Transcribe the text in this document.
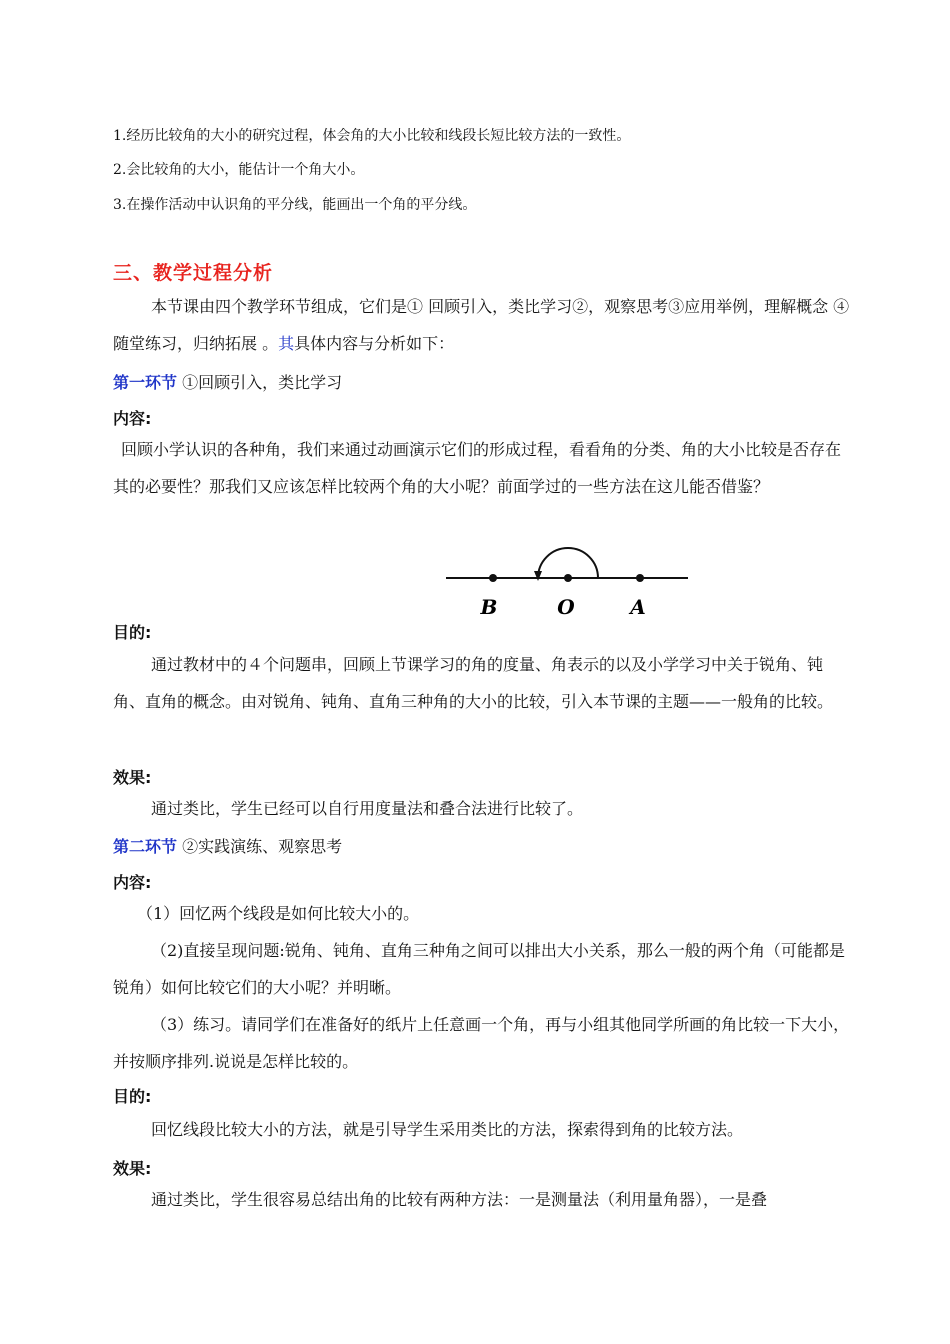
1.经历比较角的大小的研究过程，体会角的大小比较和线段长短比较方法的一致性。
2.会比较角的大小，能估计一个角大小。
3.在操作活动中认识角的平分线，能画出一个角的平分线。
三、教学过程分析
本节课由四个教学环节组成，它们是① 回顾引入，类比学习②，观察思考③应用举例，理解概念 ④随堂练习，归纳拓展 。其具体内容与分析如下：
第一环节 ①回顾引入，类比学习
内容:
回顾小学认识的各种角，我们来通过动画演示它们的形成过程，看看角的分类、角的大小比较是否存在其的必要性？那我们又应该怎样比较两个角的大小呢？前面学过的一些方法在这儿能否借鉴？
B	O	A
目的:
通过教材中的４个问题串，回顾上节课学习的角的度量、角表示的以及小学学习中关于锐角、钝角、直角的概念。由对锐角、钝角、直角三种角的大小的比较，引入本节课的主题——一般角的比较。
效果:
通过类比，学生已经可以自行用度量法和叠合法进行比较了。
第二环节 ②实践演练、观察思考
内容:
（1）回忆两个线段是如何比较大小的。
（2)直接呈现问题:锐角、钝角、直角三种角之间可以排出大小关系，那么一般的两个角（可能都是锐角）如何比较它们的大小呢？并明晰。
（3）练习。请同学们在准备好的纸片上任意画一个角，再与小组其他同学所画的角比较一下大小，并按顺序排列.说说是怎样比较的。
目的:
回忆线段比较大小的方法，就是引导学生采用类比的方法，探索得到角的比较方法。
效果:
通过类比，学生很容易总结出角的比较有两种方法：一是测量法（利用量角器），一是叠
